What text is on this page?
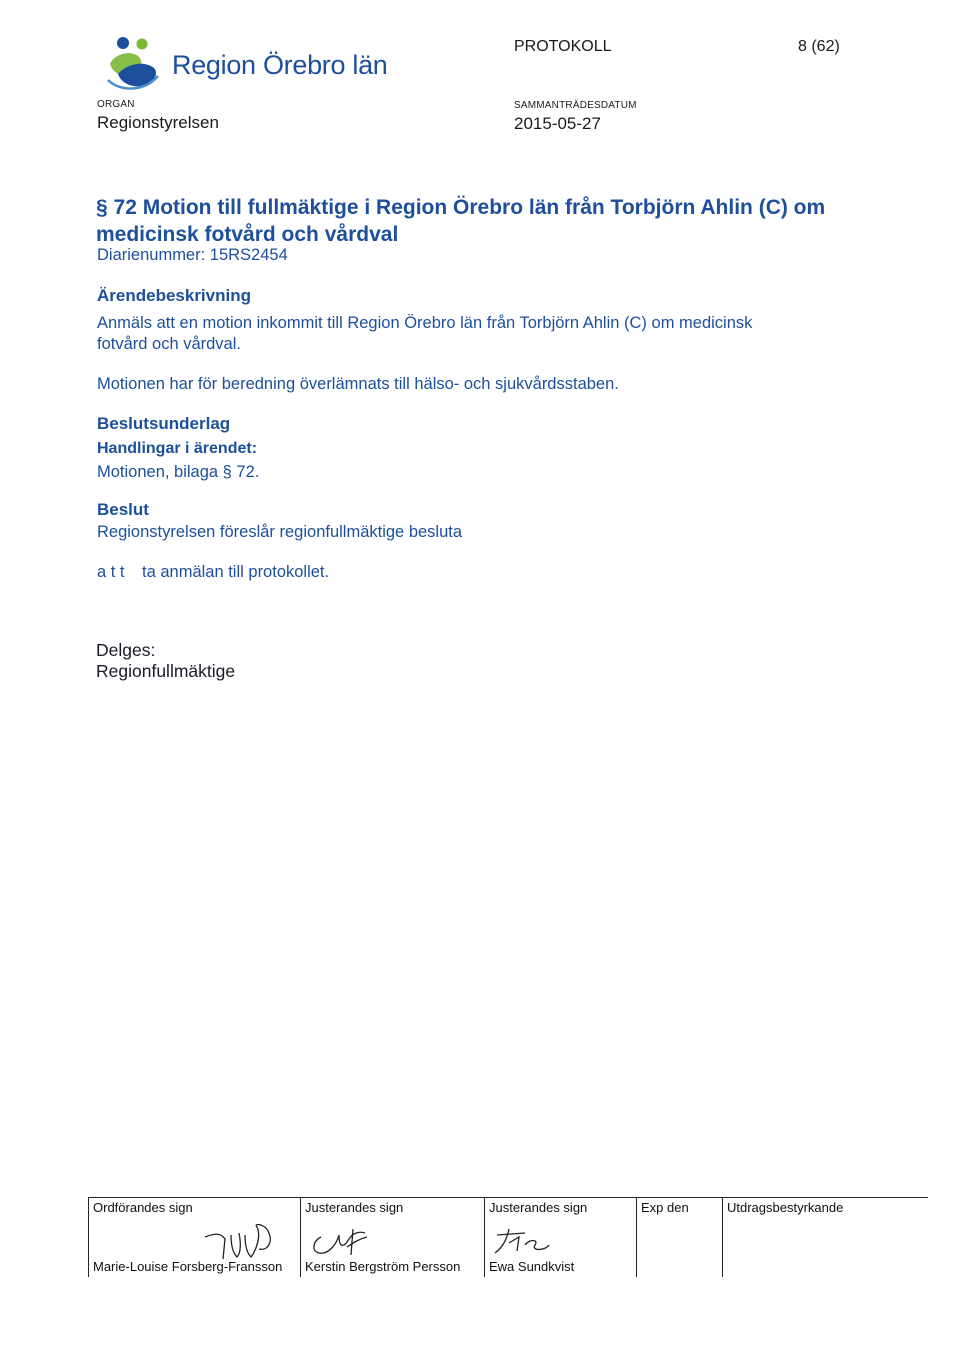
Region Örebro län
PROTOKOLL	8 (62)
ORGAN
Regionstyrelsen
SAMMANTRÄDESDATUM
2015-05-27
§ 72 Motion till fullmäktige i Region Örebro län från Torbjörn Ahlin (C) om medicinsk fotvård och vårdval
Diarienummer: 15RS2454
Ärendebeskrivning
Anmäls att en motion inkommit till Region Örebro län från Torbjörn Ahlin (C) om medicinsk
fotvård och vårdval.
Motionen har för beredning överlämnats till hälso- och sjukvårdsstaben.
Beslutsunderlag
Handlingar i ärendet:
Motionen, bilaga § 72.
Beslut
Regionstyrelsen föreslår regionfullmäktige besluta
a t t ta anmälan till protokollet.
Delges:
Regionfullmäktige
Ordförandes sign
Marie-Louise Forsberg-Fransson
Justerandes sign
Kerstin Bergström Persson
Justerandes sign
Ewa Sundkvist
Exp den	Utdragsbestyrkande
